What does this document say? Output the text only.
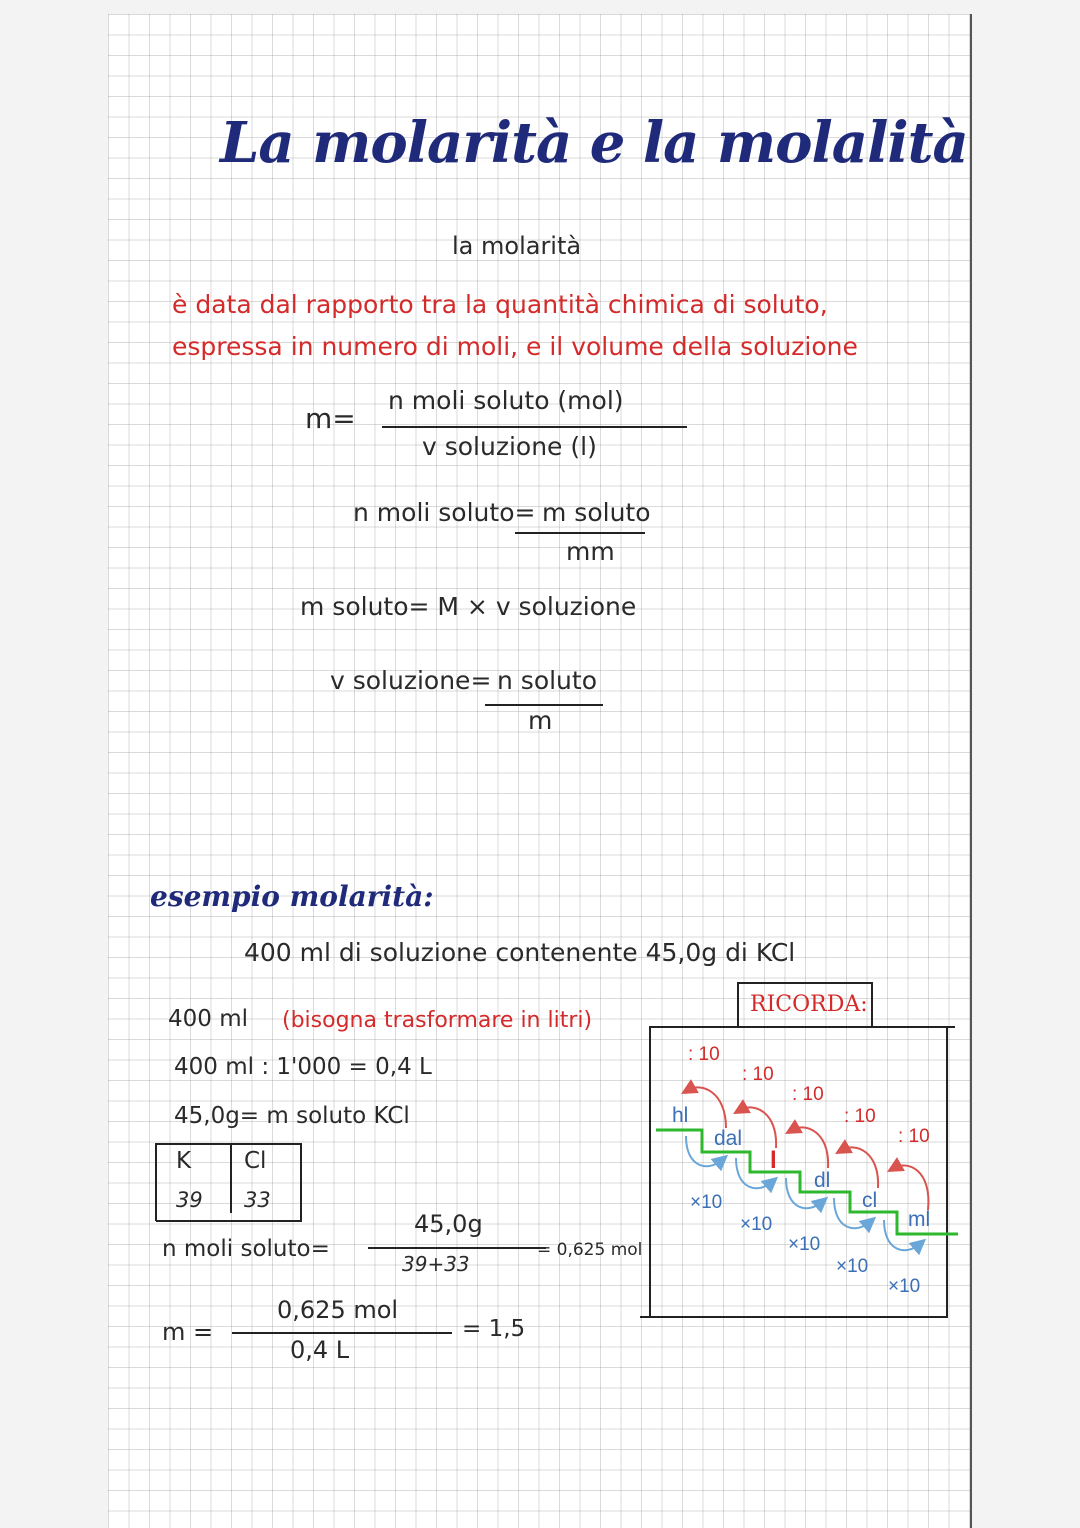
La molarità e la molalità
la molarità
è data dal rapporto tra la quantità chimica di soluto,
espressa in numero di moli, e il volume della soluzione
m=
n moli soluto (mol)
v soluzione (l)
n moli soluto= m soluto
mm
m soluto= M × v soluzione
v soluzione= n soluto
m
esempio molarità:
400 ml di soluzione contenente 45,0g di KCl
400 ml (bisogna trasformare in litri)
400 ml : 1'000 = 0,4 L
45,0g= m soluto KCl
K Cl
39 33
n moli soluto=
45,0g
39+33
= 0,625 mol
m =
0,625 mol
0,4 L
= 1,5
RICORDA:
hl
dal
l
dl
cl
ml
: 10
: 10
: 10
: 10
: 10
×10
×10
×10
×10
×10
